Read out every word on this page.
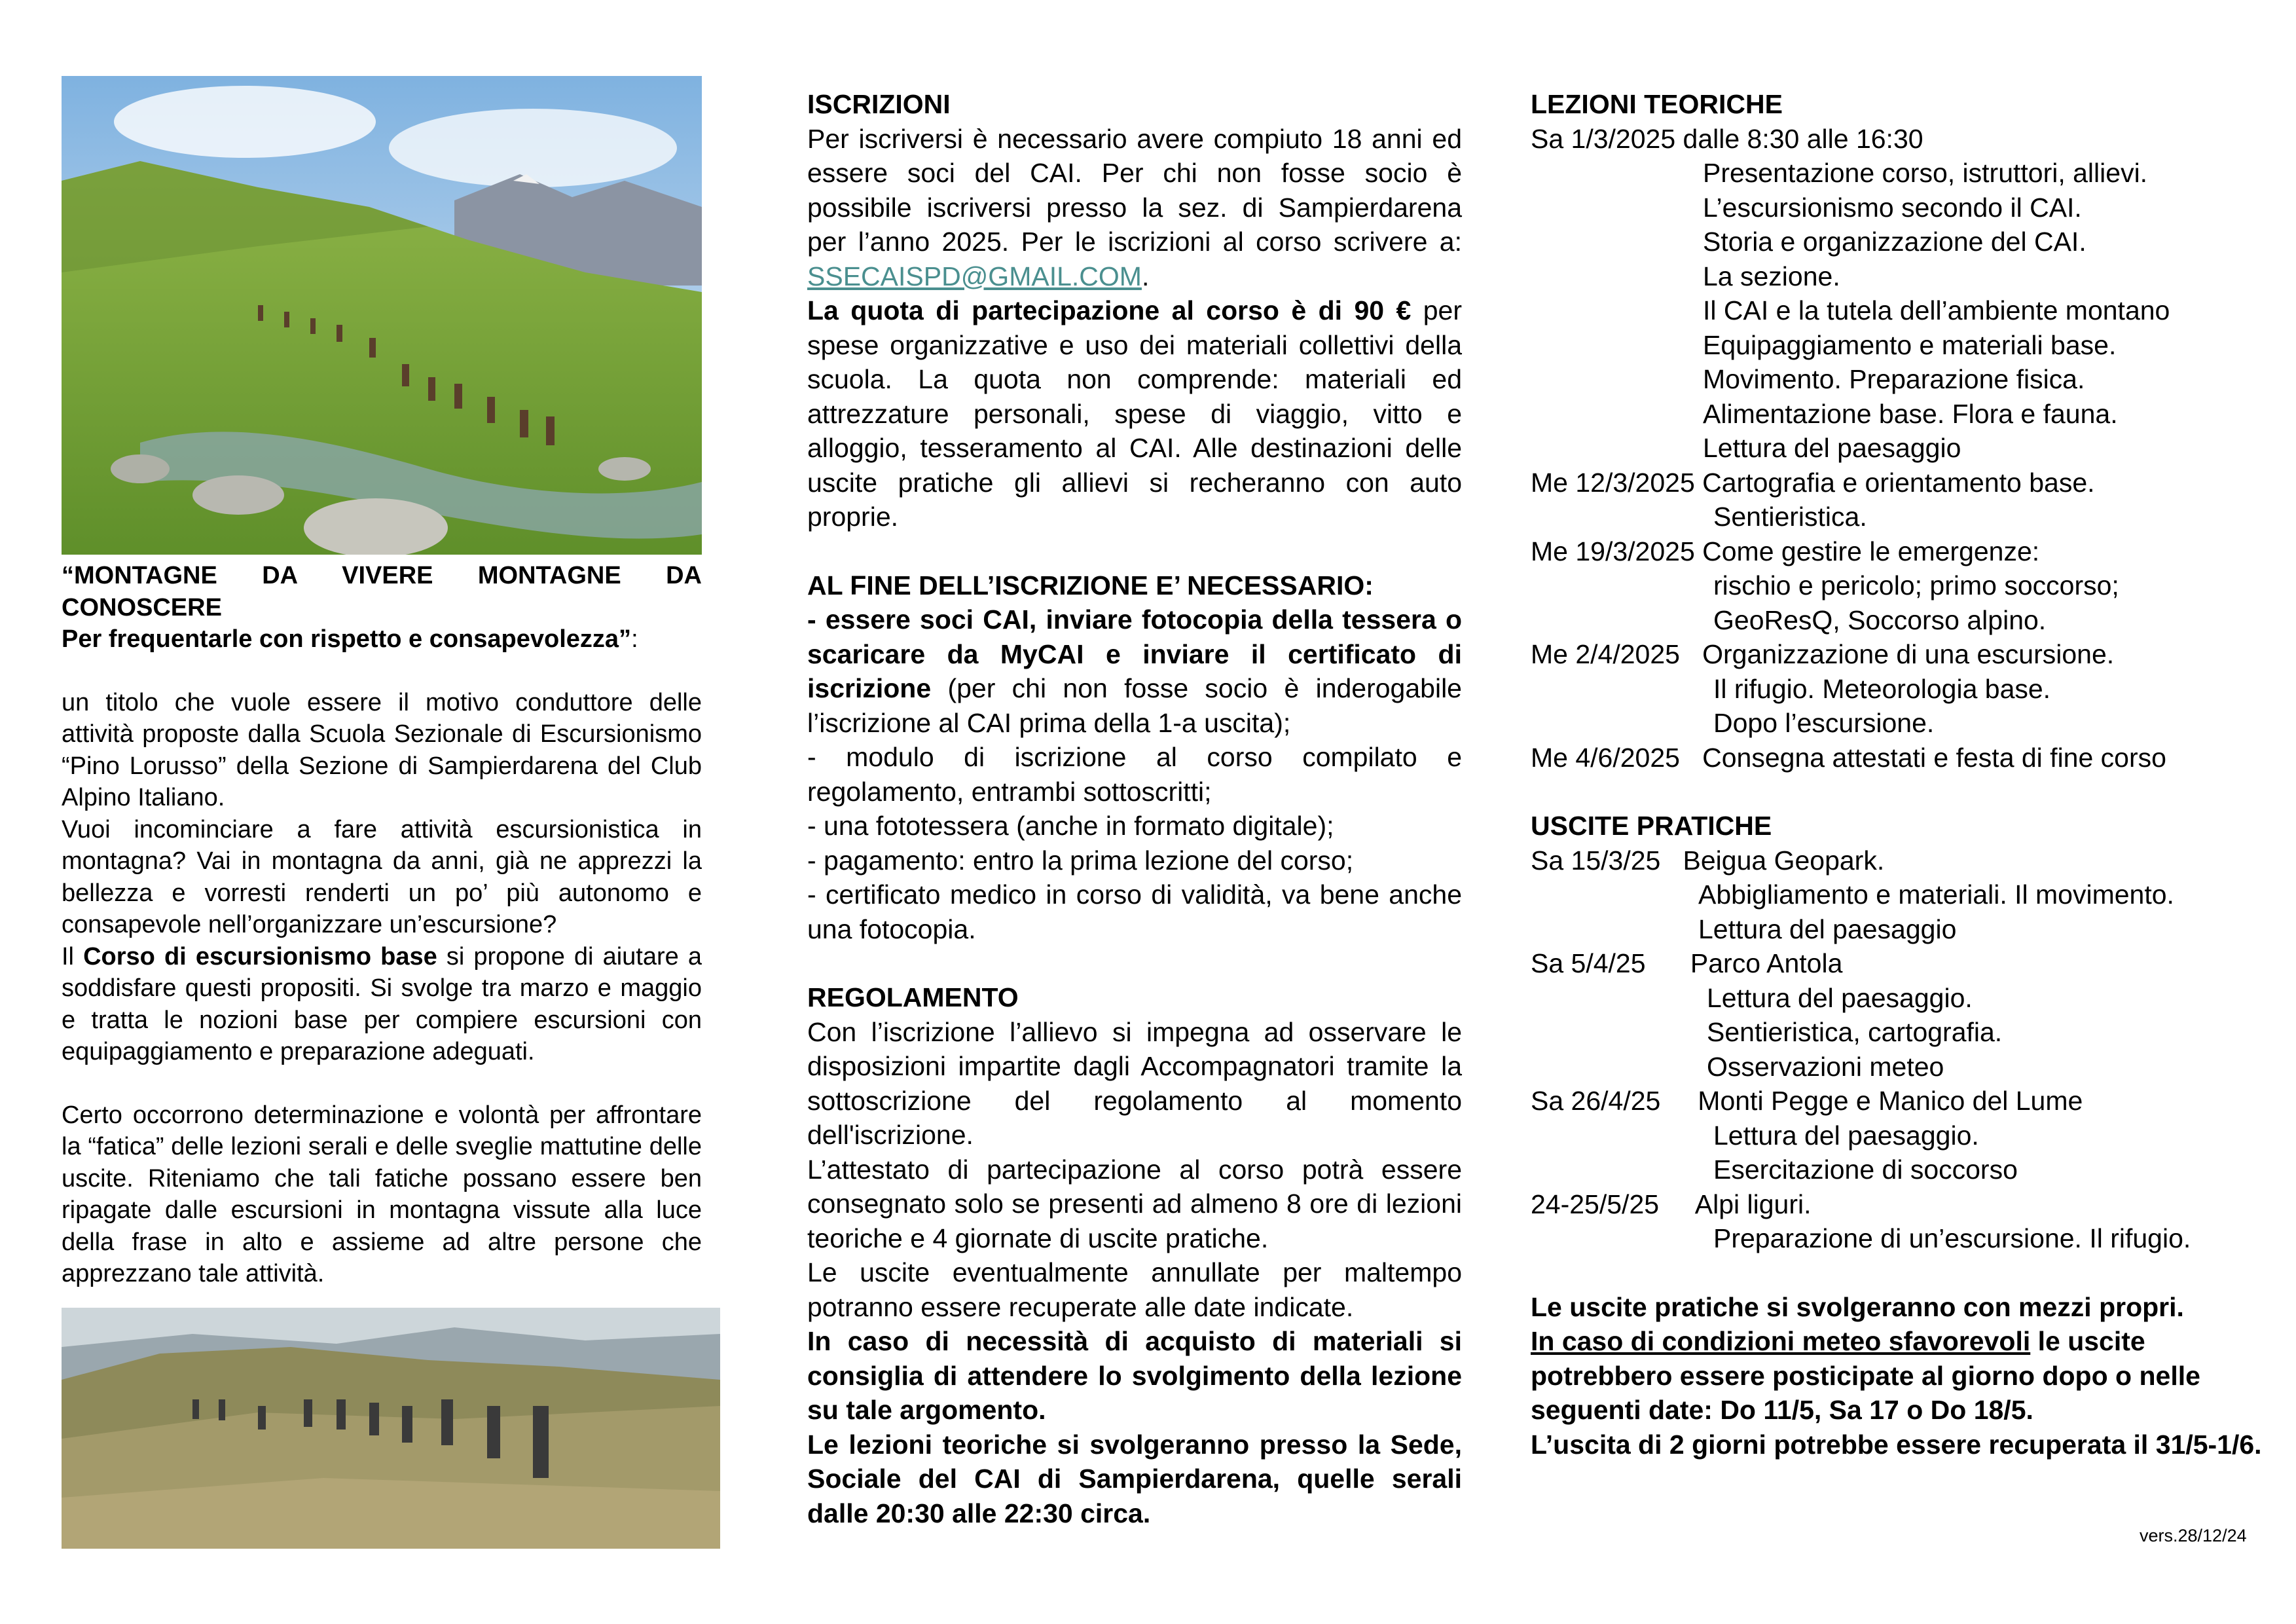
“MONTAGNE DA VIVERE MONTAGNE DA CONOSCERE
Per frequentarle con rispetto e consapevolezza”:

un titolo che vuole essere il motivo conduttore delle attività proposte dalla Scuola Sezionale di Escursionismo “Pino Lorusso” della Sezione di Sampierdarena del Club Alpino Italiano.

Vuoi incominciare a fare attività escursionistica in montagna? Vai in montagna da anni, già ne apprezzi la bellezza e vorresti renderti un po’ più autonomo e consapevole nell’organizzare un’escursione?

Il Corso di escursionismo base si propone di aiutare a soddisfare questi propositi. Si svolge tra marzo e maggio e tratta le nozioni base per compiere escursioni con equipaggiamento e preparazione adeguati.

Certo occorrono determinazione e volontà per affrontare la “fatica” delle lezioni serali e delle sveglie mattutine delle uscite. Riteniamo che tali fatiche possano essere ben ripagate dalle escursioni in montagna vissute alla luce della frase in alto e assieme ad altre persone che apprezzano tale attività.

ISCRIZIONI

Per iscriversi è necessario avere compiuto 18 anni ed essere soci del CAI. Per chi non fosse socio è possibile iscriversi presso la sez. di Sampierdarena per l’anno 2025. Per le iscrizioni al corso scrivere a: SSECAISPD@GMAIL.COM.

La quota di partecipazione al corso è di 90 € per spese organizzative e uso dei materiali collettivi della scuola. La quota non comprende: materiali ed attrezzature personali, spese di viaggio, vitto e alloggio, tesseramento al CAI. Alle destinazioni delle uscite pratiche gli allievi si recheranno con auto proprie.

AL FINE DELL’ISCRIZIONE E’ NECESSARIO:

- essere soci CAI, inviare fotocopia della tessera o scaricare da MyCAI e inviare il certificato di iscrizione (per chi non fosse socio è inderogabile l’iscrizione al CAI prima della 1-a uscita);

- modulo di iscrizione al corso compilato e regolamento, entrambi sottoscritti;

- una fototessera (anche in formato digitale);

- pagamento: entro la prima lezione del corso;

- certificato medico in corso di validità, va bene anche una fotocopia.

REGOLAMENTO

Con l’iscrizione l’allievo si impegna ad osservare le disposizioni impartite dagli Accompagnatori tramite la sottoscrizione del regolamento al momento dell'iscrizione.

L’attestato di partecipazione al corso potrà essere consegnato solo se presenti ad almeno 8 ore di lezioni teoriche e 4 giornate di uscite pratiche.

Le uscite eventualmente annullate per maltempo potranno essere recuperate alle date indicate.

In caso di necessità di acquisto di materiali si consiglia di attendere lo svolgimento della lezione su tale argomento.

Le lezioni teoriche si svolgeranno presso la Sede, Sociale del CAI di Sampierdarena, quelle serali dalle 20:30 alle 22:30 circa.

LEZIONI TEORICHE

Sa 1/3/2025 dalle 8:30 alle 16:30

Presentazione corso, istruttori, allievi.

L’escursionismo secondo il CAI.

Storia e organizzazione del CAI.

La sezione.

Il CAI e la tutela dell’ambiente montano

Equipaggiamento e materiali base.

Movimento. Preparazione fisica.

Alimentazione base. Flora e fauna.

Lettura del paesaggio

Me 12/3/2025 Cartografia e orientamento base.

Sentieristica.

Me 19/3/2025 Come gestire le emergenze:

rischio e pericolo; primo soccorso;

GeoResQ, Soccorso alpino.

Me 2/4/2025   Organizzazione di una escursione.

Il rifugio. Meteorologia base.

Dopo l’escursione.

Me 4/6/2025   Consegna attestati e festa di fine corso

USCITE PRATICHE

Sa 15/3/25   Beigua Geopark.

Abbigliamento e materiali. Il movimento.

Lettura del paesaggio

Sa 5/4/25      Parco Antola

Lettura del paesaggio.

Sentieristica, cartografia.

Osservazioni meteo

Sa 26/4/25     Monti Pegge e Manico del Lume

Lettura del paesaggio.

Esercitazione di soccorso

24-25/5/25     Alpi liguri.

Preparazione di un’escursione. Il rifugio.

Le uscite pratiche si svolgeranno con mezzi propri.

In caso di condizioni meteo sfavorevoli le uscite potrebbero essere posticipate al giorno dopo o nelle seguenti date: Do 11/5, Sa 17 o Do 18/5.

L’uscita di 2 giorni potrebbe essere recuperata il 31/5-1/6.

vers.28/12/24
